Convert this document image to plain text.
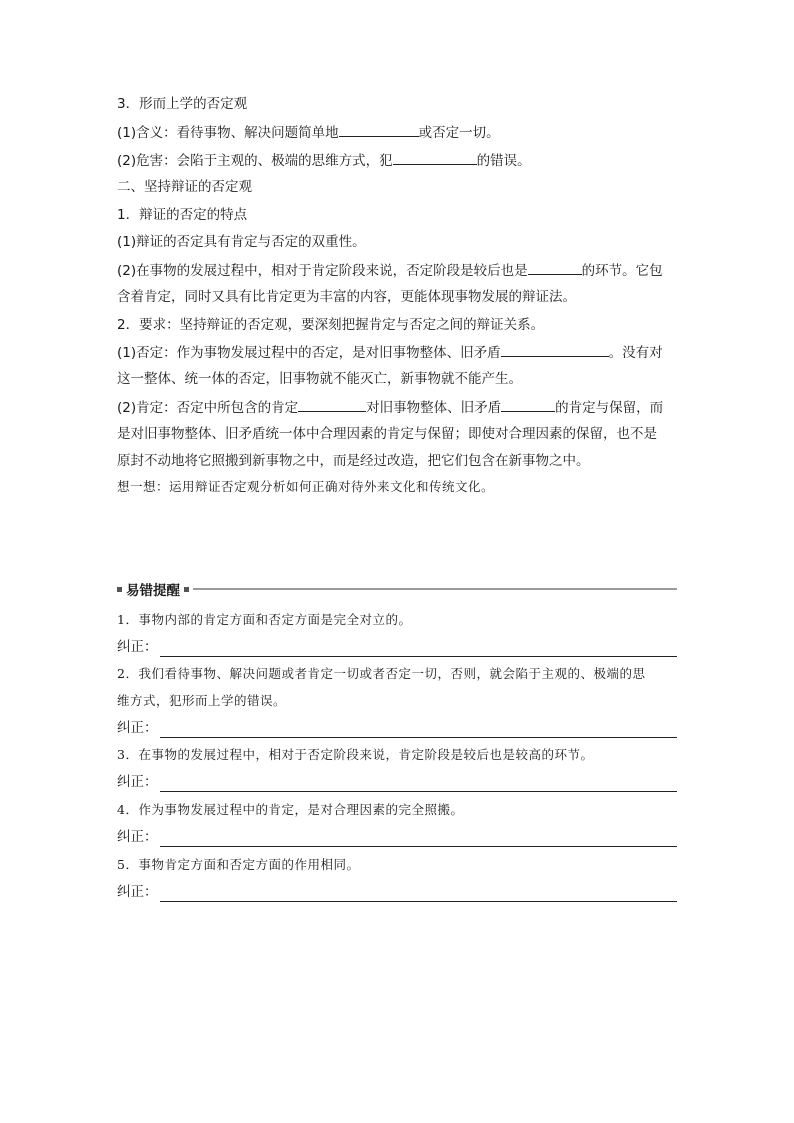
3．形而上学的否定观
(1)含义：看待事物、解决问题简单地	或否定一切。
(2)危害：会陷于主观的、极端的思维方式，犯	的错误。
二、坚持辩证的否定观
1．辩证的否定的特点
(1)辩证的否定具有肯定与否定的双重性。
(2)在事物的发展过程中，相对于肯定阶段来说，否定阶段是较后也是	的环节。它包
含着肯定，同时又具有比肯定更为丰富的内容，更能体现事物发展的辩证法。
2．要求：坚持辩证的否定观，要深刻把握肯定与否定之间的辩证关系。
(1)否定：作为事物发展过程中的否定，是对旧事物整体、旧矛盾	。没有对
这一整体、统一体的否定，旧事物就不能灭亡，新事物就不能产生。
(2)肯定：否定中所包含的肯定	对旧事物整体、旧矛盾	的肯定与保留，而
是对旧事物整体、旧矛盾统一体中合理因素的肯定与保留；即使对合理因素的保留，也不是
原封不动地将它照搬到新事物之中，而是经过改造，把它们包含在新事物之中。
想一想：运用辩证否定观分析如何正确对待外来文化和传统文化。
易错提醒
1．事物内部的肯定方面和否定方面是完全对立的。
纠正：
2．我们看待事物、解决问题或者肯定一切或者否定一切，否则，就会陷于主观的、极端的思
维方式，犯形而上学的错误。
纠正：
3．在事物的发展过程中，相对于否定阶段来说，肯定阶段是较后也是较高的环节。
纠正：
4．作为事物发展过程中的肯定，是对合理因素的完全照搬。
纠正：
5．事物肯定方面和否定方面的作用相同。
纠正：
